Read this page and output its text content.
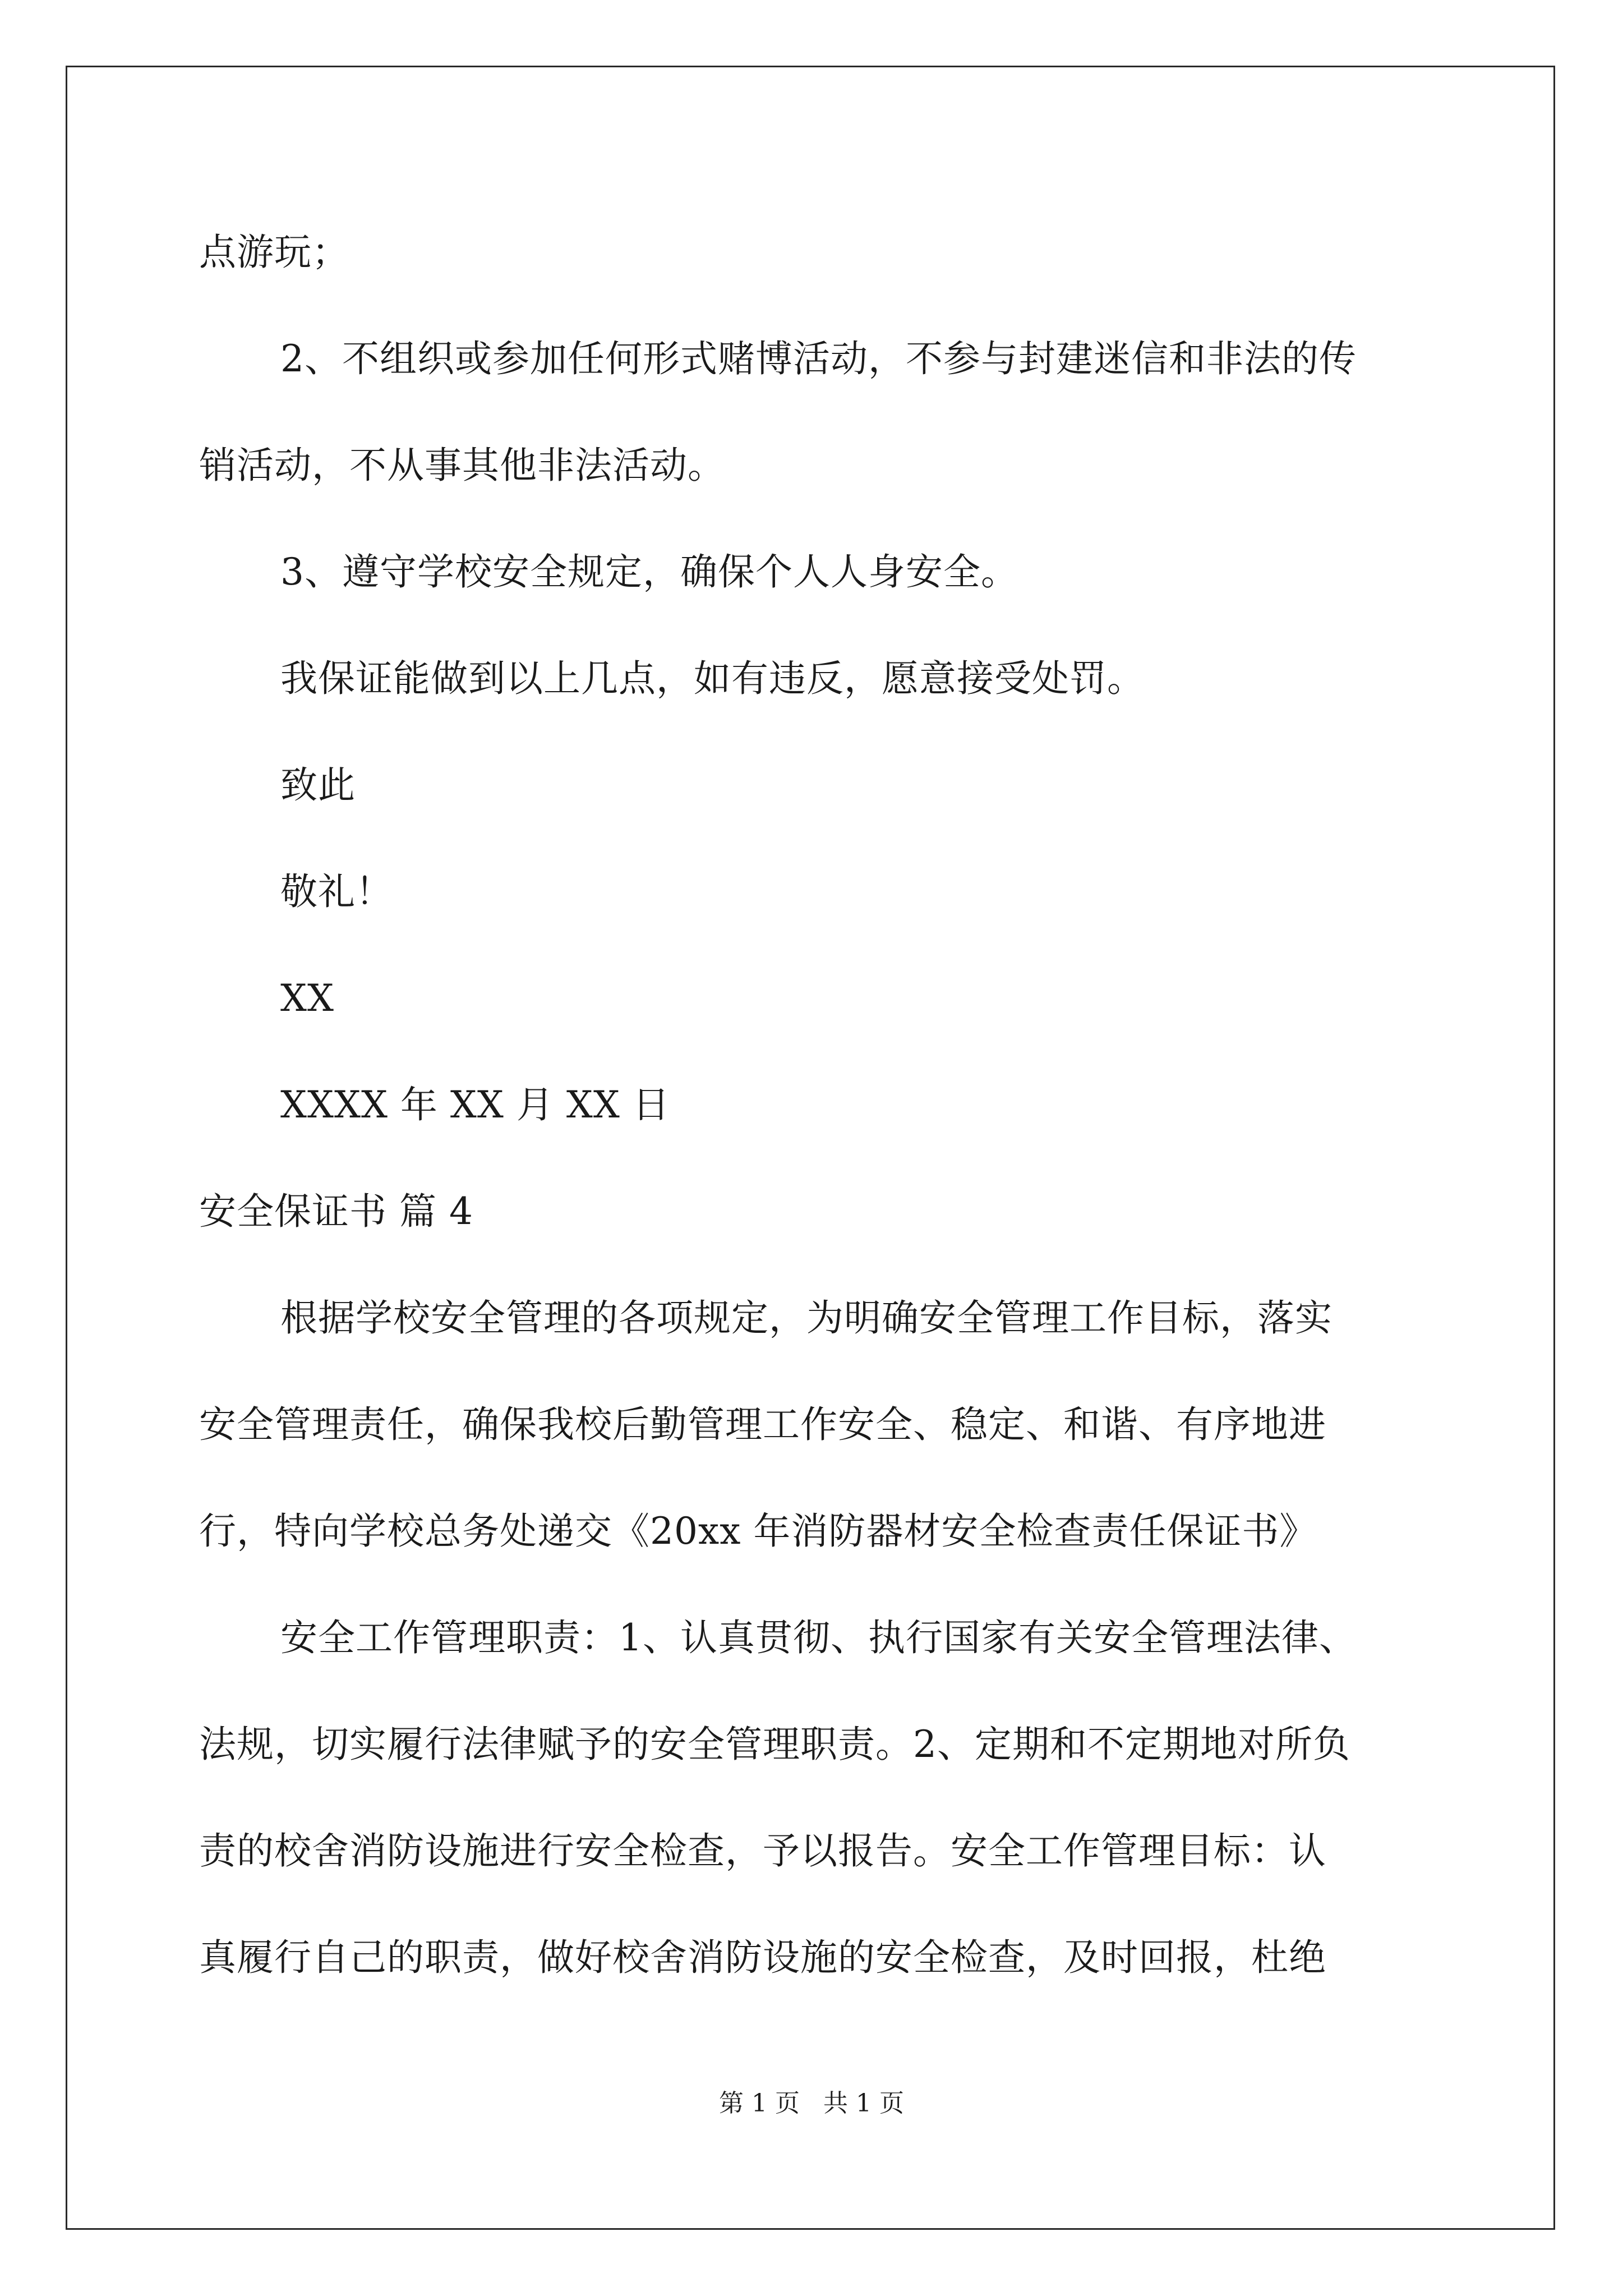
点游玩；
2、不组织或参加任何形式赌博活动，不参与封建迷信和非法的传
销活动，不从事其他非法活动。
3、遵守学校安全规定，确保个人人身安全。
我保证能做到以上几点，如有违反，愿意接受处罚。
致此
敬礼！
XX
XXXX 年 XX 月 XX 日
安全保证书 篇 4
根据学校安全管理的各项规定，为明确安全管理工作目标，落实
安全管理责任，确保我校后勤管理工作安全、稳定、和谐、有序地进
行，特向学校总务处递交《20xx 年消防器材安全检查责任保证书》
安全工作管理职责：1、认真贯彻、执行国家有关安全管理法律、
法规，切实履行法律赋予的安全管理职责。2、定期和不定期地对所负
责的校舍消防设施进行安全检查，予以报告。安全工作管理目标：认
真履行自己的职责，做好校舍消防设施的安全检查，及时回报，杜绝
第 1 页   共 1 页
